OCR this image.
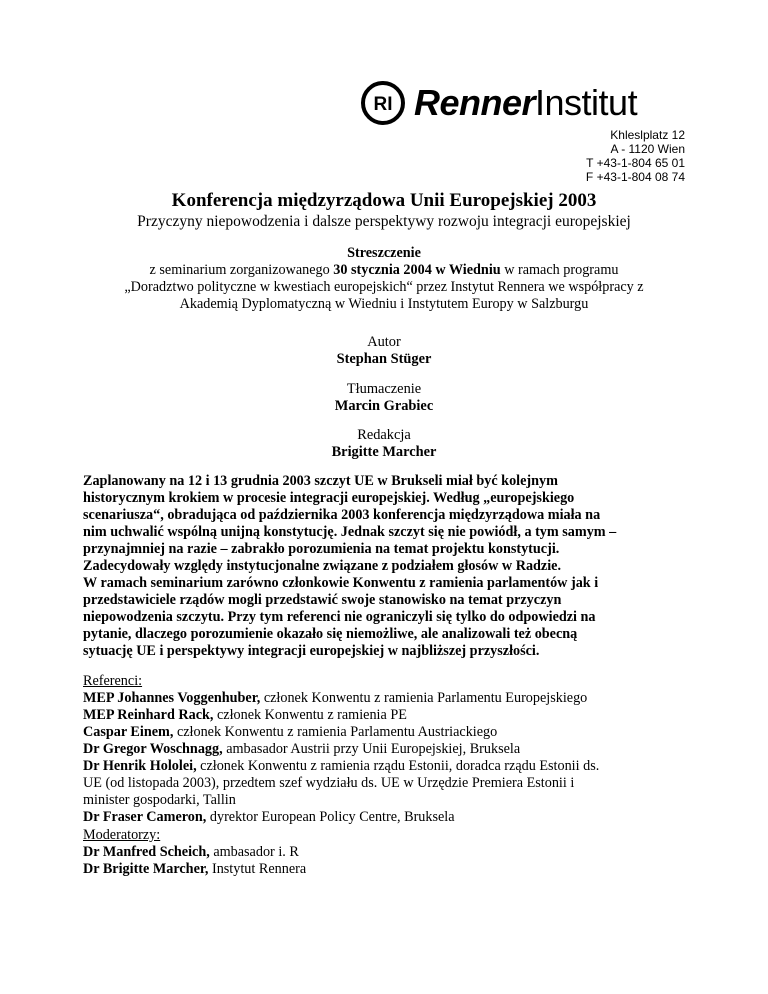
RI RennerInstitut
Khleslplatz 12
A - 1120 Wien
T +43-1-804 65 01
F +43-1-804 08 74
Konferencja międzyrządowa Unii Europejskiej 2003
Przyczyny niepowodzenia i dalsze perspektywy rozwoju integracji europejskiej
Streszczenie
z seminarium zorganizowanego 30 stycznia 2004 w Wiedniu w ramach programu
„Doradztwo polityczne w kwestiach europejskich“ przez Instytut Rennera we współpracy z
Akademią Dyplomatyczną w Wiedniu i Instytutem Europy w Salzburgu
Autor
Stephan Stüger
Tłumaczenie
Marcin Grabiec
Redakcja
Brigitte Marcher

Zaplanowany na 12 i 13 grudnia 2003 szczyt UE w Brukseli miał być kolejnym

historycznym krokiem w procesie integracji europejskiej. Według „europejskiego

scenariusza“, obradująca od października 2003 konferencja międzyrządowa miała na

nim uchwalić wspólną unijną konstytucję. Jednak szczyt się nie powiódł, a tym samym –

przynajmniej na razie – zabrakło porozumienia na temat projektu konstytucji.

Zadecydowały względy instytucjonalne związane z podziałem głosów w Radzie.

W ramach seminarium zarówno członkowie Konwentu z ramienia parlamentów jak i

przedstawiciele rządów mogli przedstawić swoje stanowisko na temat przyczyn

niepowodzenia szczytu. Przy tym referenci nie ograniczyli się tylko do odpowiedzi na

pytanie, dlaczego porozumienie okazało się niemożliwe, ale analizowali też obecną

sytuację UE i perspektywy integracji europejskiej w najbliższej przyszłości.

Referenci:

MEP Johannes Voggenhuber, członek Konwentu z ramienia Parlamentu Europejskiego

MEP Reinhard Rack, członek Konwentu z ramienia PE

Caspar Einem, członek Konwentu z ramienia Parlamentu Austriackiego

Dr Gregor Woschnagg, ambasador Austrii przy Unii Europejskiej, Bruksela

Dr Henrik Hololei, członek Konwentu z ramienia rządu Estonii, doradca rządu Estonii ds.

UE (od listopada 2003), przedtem szef wydziału ds. UE w Urzędzie Premiera Estonii i

minister gospodarki, Tallin

Dr Fraser Cameron, dyrektor European Policy Centre, Bruksela

Moderatorzy:

Dr Manfred Scheich, ambasador i. R

Dr Brigitte Marcher, Instytut Rennera
